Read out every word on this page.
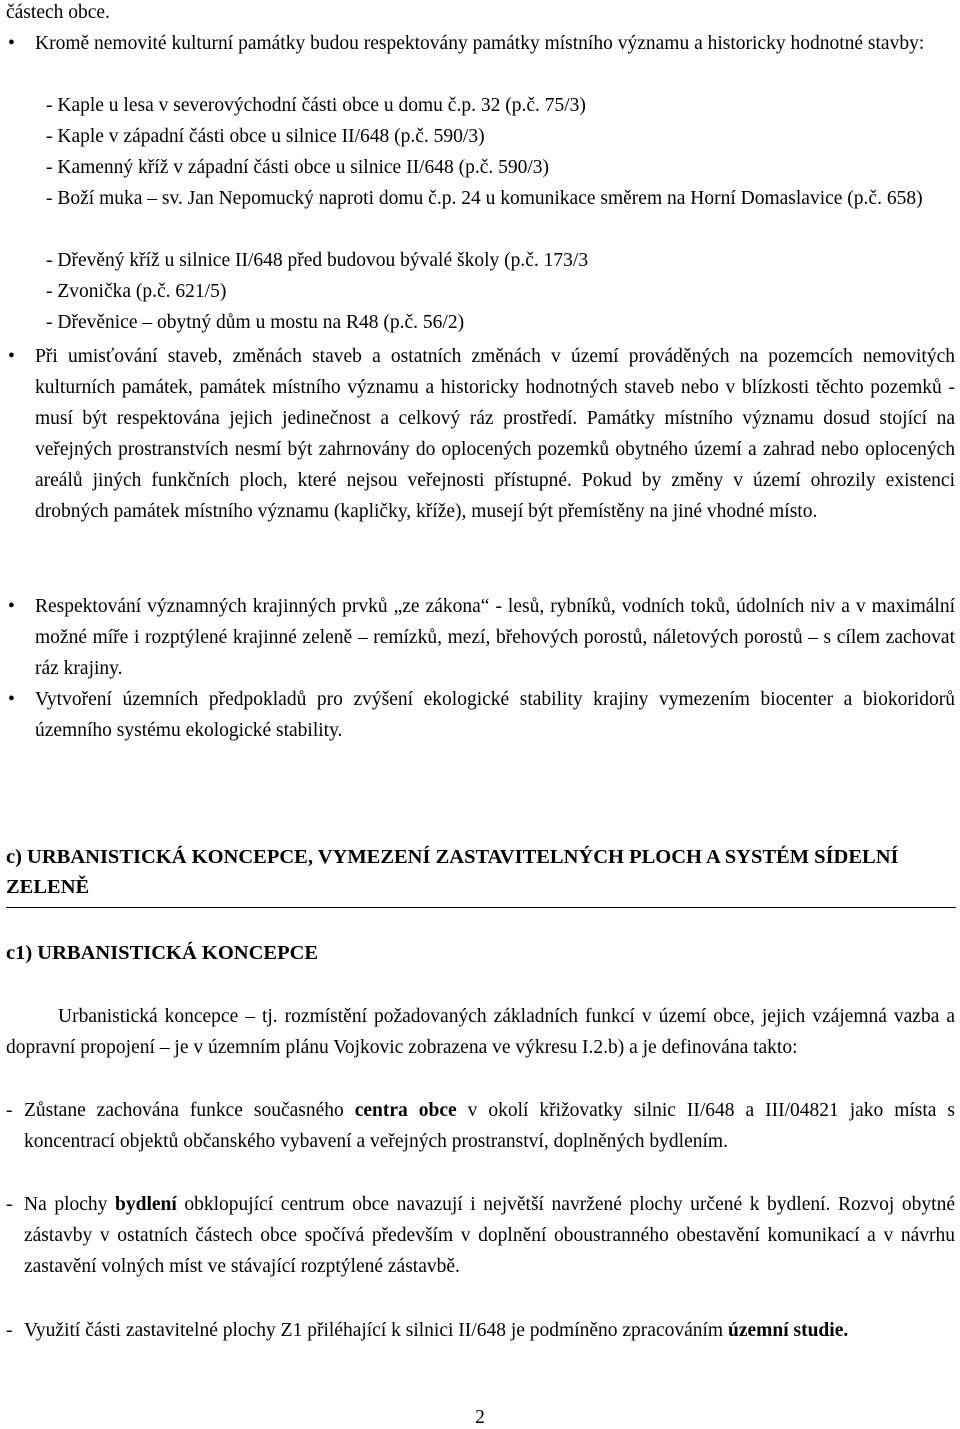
částech obce.

• Kromě nemovité kulturní památky budou respektovány památky místního významu a historicky hodnotné stavby:

- Kaple u lesa v severovýchodní části obce u domu č.p. 32 (p.č. 75/3)

- Kaple v západní části obce u silnice II/648 (p.č. 590/3)

- Kamenný kříž v západní části obce u silnice II/648 (p.č. 590/3)

- Boží muka – sv. Jan Nepomucký naproti domu č.p. 24 u komunikace směrem na Horní Domaslavice (p.č. 658)

- Dřevěný kříž u silnice II/648 před budovou bývalé školy (p.č. 173/3

- Zvonička (p.č. 621/5)

- Dřevěnice – obytný dům u mostu na R48 (p.č. 56/2)

• Při umisťování staveb, změnách staveb a ostatních změnách v území prováděných na pozemcích nemovitých kulturních památek, památek místního významu a historicky hodnotných staveb nebo v blízkosti těchto pozemků - musí být respektována jejich jedinečnost a celkový ráz prostředí. Památky místního významu dosud stojící na veřejných prostranstvích nesmí být zahrnovány do oplocených pozemků obytného území a zahrad nebo oplocených areálů jiných funkčních ploch, které nejsou veřejnosti přístupné. Pokud by změny v území ohrozily existenci drobných památek místního významu (kapličky, kříže), musejí být přemístěny na jiné vhodné místo.

• Respektování významných krajinných prvků „ze zákona“ - lesů, rybníků, vodních toků, údolních niv a v maximální možné míře i rozptýlené krajinné zeleně – remízků, mezí, břehových porostů, náletových porostů – s cílem zachovat ráz krajiny.

• Vytvoření územních předpokladů pro zvýšení ekologické stability krajiny vymezením biocenter a biokoridorů územního systému ekologické stability.

c) URBANISTICKÁ KONCEPCE, VYMEZENÍ ZASTAVITELNÝCH PLOCH A SYSTÉM SÍDELNÍ ZELENĚ

c1) URBANISTICKÁ KONCEPCE

Urbanistická koncepce – tj. rozmístění požadovaných základních funkcí v území obce, jejich vzájemná vazba a dopravní propojení – je v územním plánu Vojkovic zobrazena ve výkresu I.2.b) a je definována takto:

- Zůstane zachována funkce současného centra obce v okolí křižovatky silnic II/648 a III/04821 jako místa s koncentrací objektů občanského vybavení a veřejných prostranství, doplněných bydlením.

- Na plochy bydlení obklopující centrum obce navazují i největší navržené plochy určené k bydlení. Rozvoj obytné zástavby v ostatních částech obce spočívá především v doplnění oboustranného obestavění komunikací a v návrhu zastavění volných míst ve stávající rozptýlené zástavbě.

- Využití části zastavitelné plochy Z1 přiléhající k silnici II/648 je podmíněno zpracováním územní studie.

2
